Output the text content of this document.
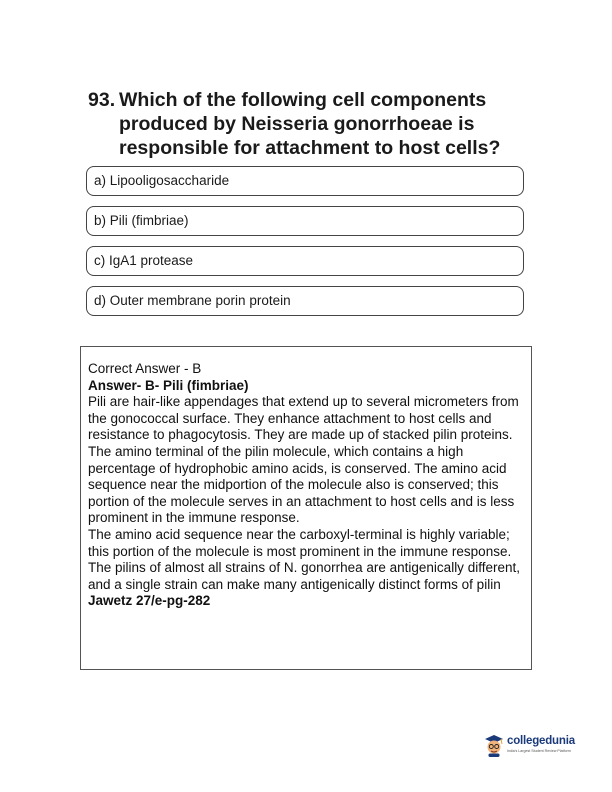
93. Which of the following cell components produced by Neisseria gonorrhoeae is responsible for attachment to host cells?
a) Lipooligosaccharide
b) Pili (fimbriae)
c) IgA1 protease
d) Outer membrane porin protein

Correct Answer - B

Answer- B- Pili (fimbriae)

Pili are hair-like appendages that extend up to several micrometers from the gonococcal surface. They enhance attachment to host cells and resistance to phagocytosis. They are made up of stacked pilin proteins.

The amino terminal of the pilin molecule, which contains a high percentage of hydrophobic amino acids, is conserved. The amino acid sequence near the midportion of the molecule also is conserved; this portion of the molecule serves in an attachment to host cells and is less prominent in the immune response.

The amino acid sequence near the carboxyl-terminal is highly variable; this portion of the molecule is most prominent in the immune response. The pilins of almost all strains of N. gonorrhea are antigenically different, and a single strain can make many antigenically distinct forms of pilin

Jawetz 27/e-pg-282

collegedunia
India's Largest Student Review Platform
